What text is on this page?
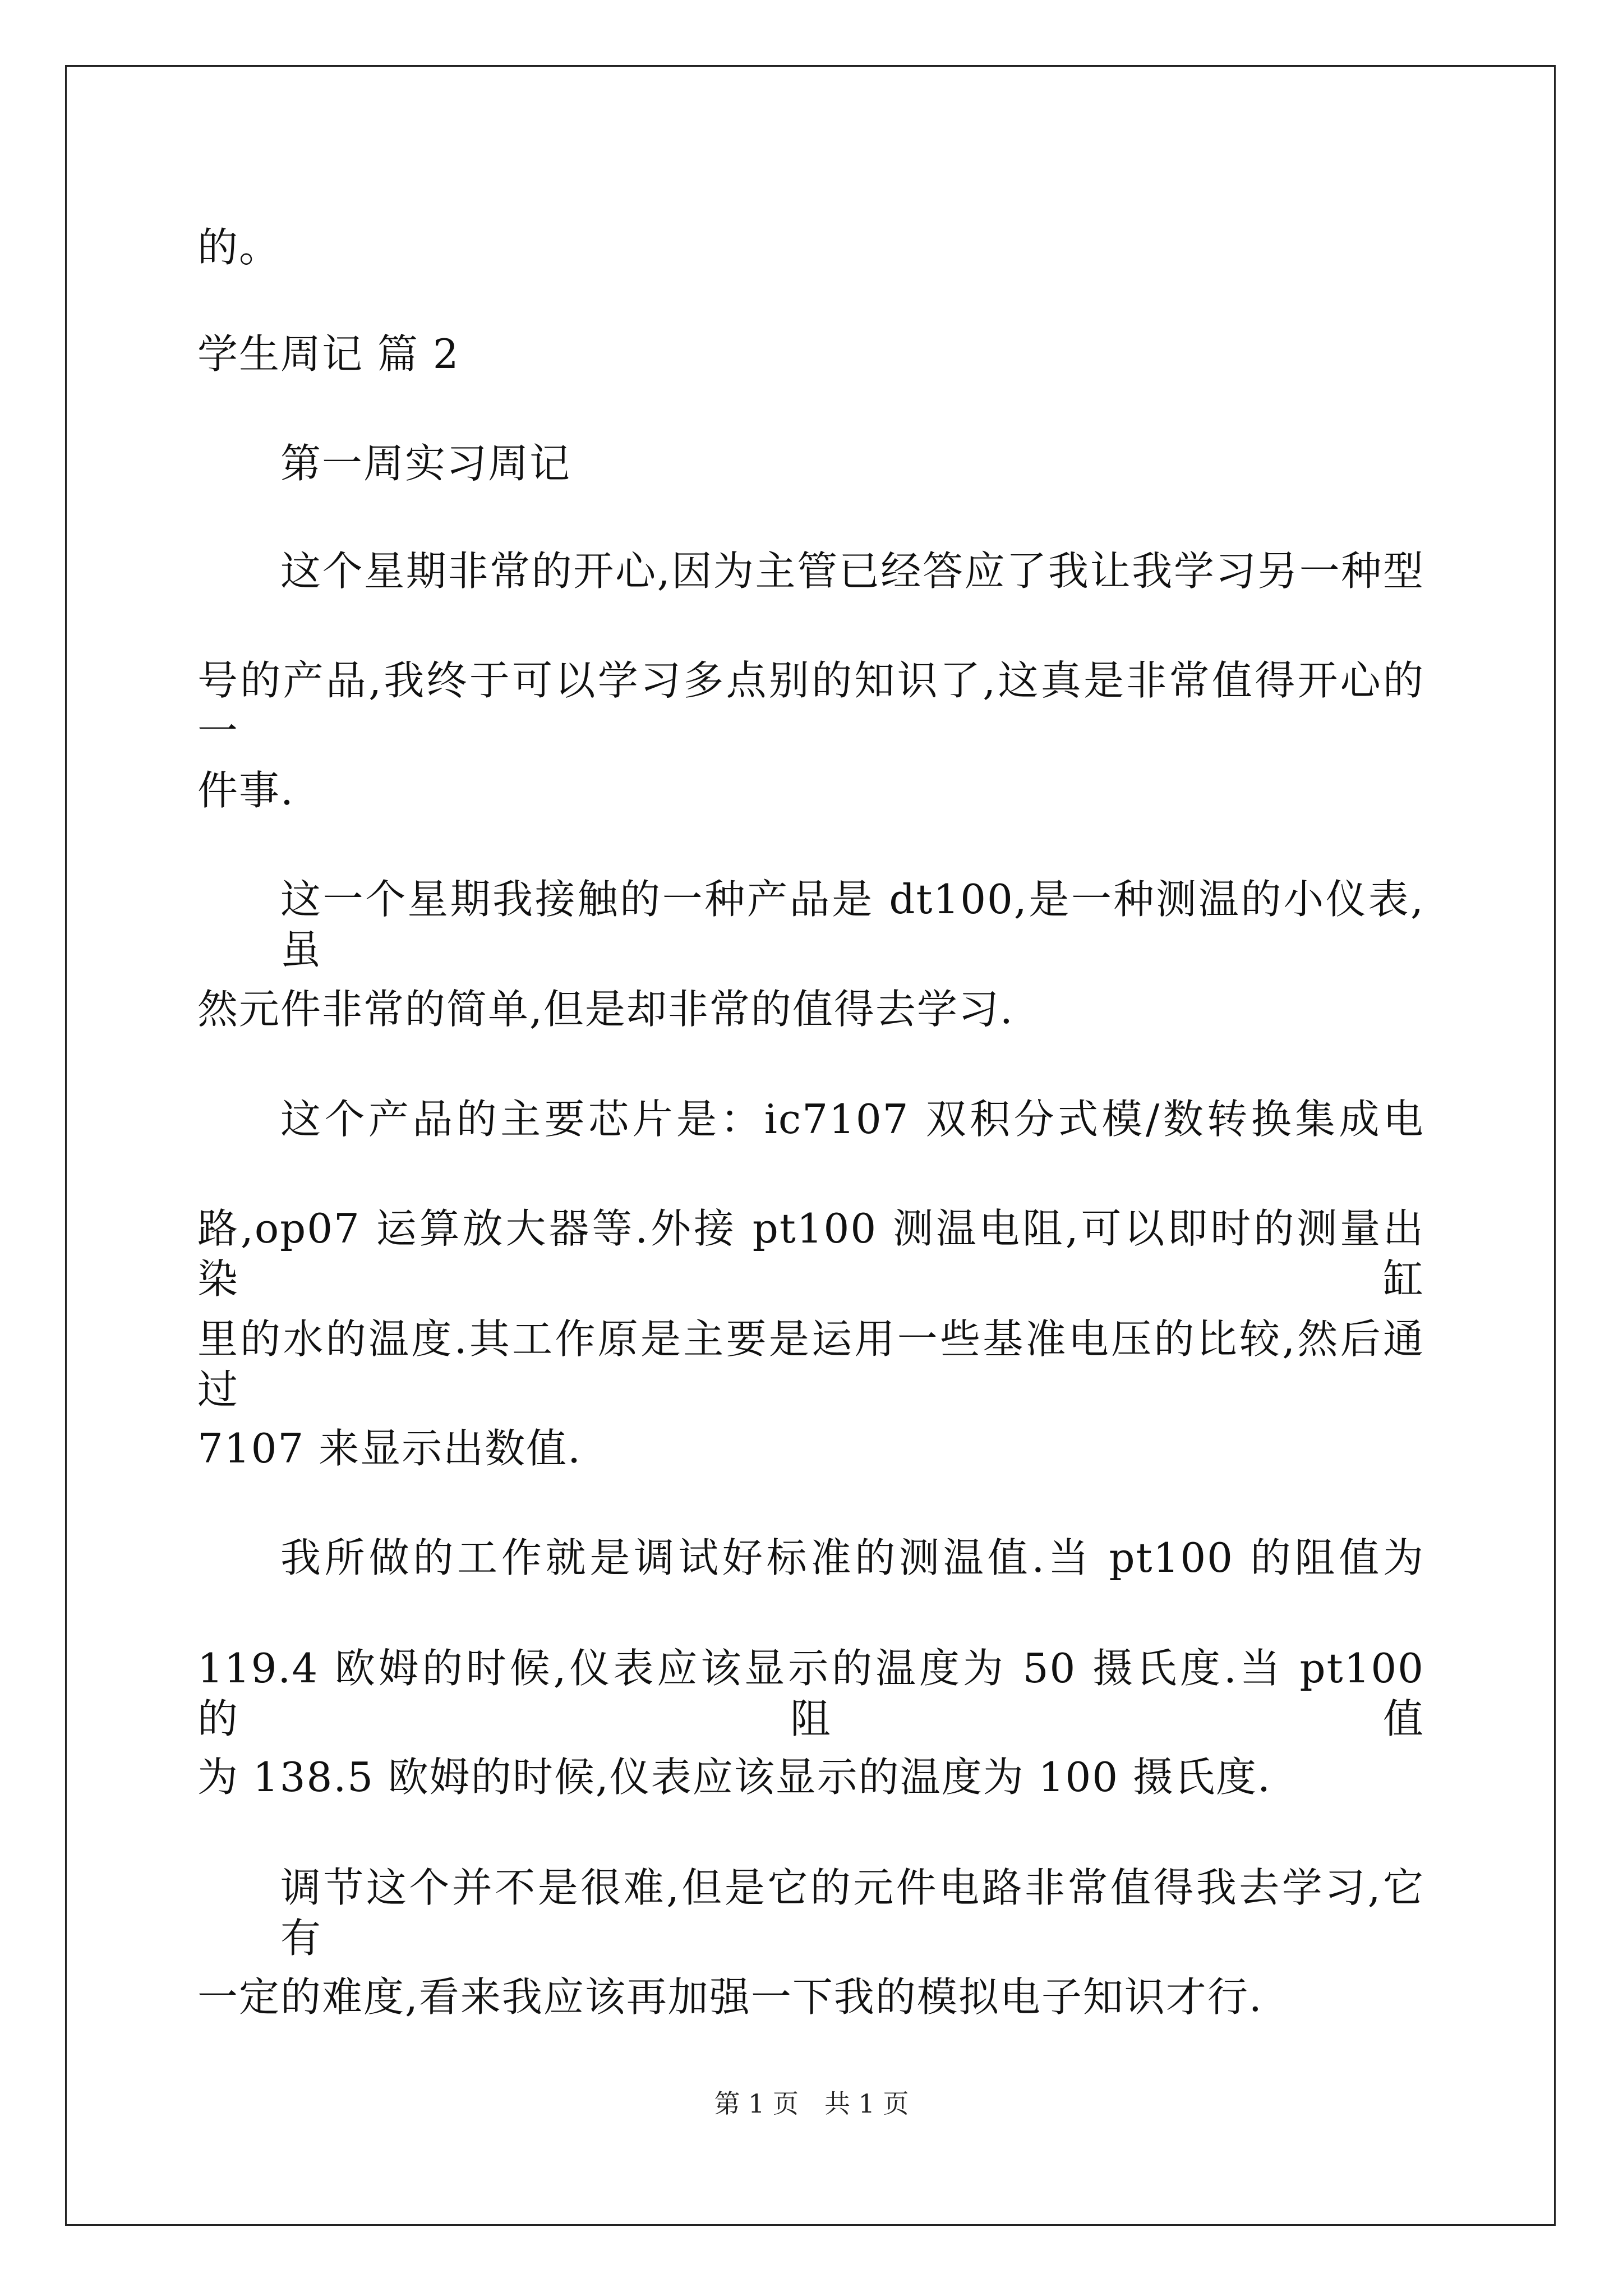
的。

学生周记 篇 2

第一周实习周记

这个星期非常的开心,因为主管已经答应了我让我学习另一种型

号的产品,我终于可以学习多点别的知识了,这真是非常值得开心的一

件事.

这一个星期我接触的一种产品是 dt100,是一种测温的小仪表,虽

然元件非常的简单,但是却非常的值得去学习.

这个产品的主要芯片是：ic7107 双积分式模/数转换集成电

路,op07 运算放大器等.外接 pt100 测温电阻,可以即时的测量出染缸

里的水的温度.其工作原是主要是运用一些基准电压的比较,然后通过

7107 来显示出数值.

我所做的工作就是调试好标准的测温值.当 pt100 的阻值为

119.4 欧姆的时候,仪表应该显示的温度为 50 摄氏度.当 pt100 的阻值

为 138.5 欧姆的时候,仪表应该显示的温度为 100 摄氏度.

调节这个并不是很难,但是它的元件电路非常值得我去学习,它有

一定的难度,看来我应该再加强一下我的模拟电子知识才行.

第 1 页　共 1 页
